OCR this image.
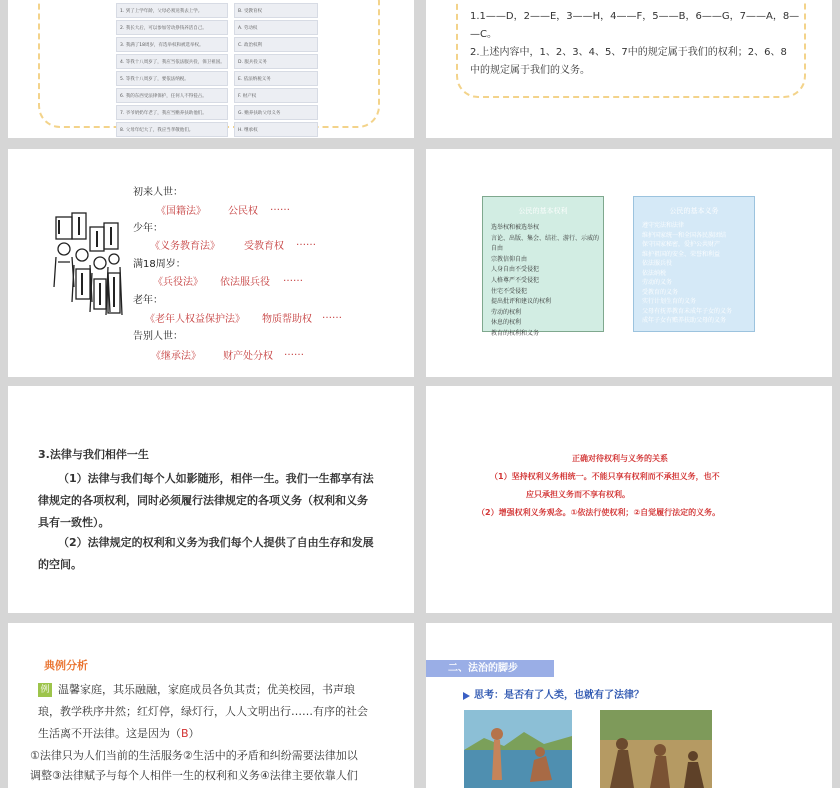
1. 到了上学年龄，父母必须送我去上学。	B. 受教育权
2. 我长大后，可以参加劳动挣钱养活自己。	A. 劳动权
3. 我满了18周岁，有选举权和被选举权。	C. 政治权利
4. 等我十八周岁了，我应当依法服兵役，保卫祖国。	D. 服兵役义务
5. 等我十八周岁了，要依法纳税。	E. 依法纳税义务
6. 我的东西受法律保护，任何人不得侵占。	F. 财产权
7. 爷爷奶奶年老了，我应当赡养扶助他们。	G. 赡养扶助父母义务
8. 父母年纪大了，我应当孝敬他们。	H. 继承权
1.1——D，2——E，3——H，4——F，5——B，6——G，7——A，8—
—C。
2.上述内容中，1、2、3、4、5、7中的规定属于我们的权利；2、6、8
中的规定属于我们的义务。
初来人世：
《国籍法》 公民权 ……
少年：
《义务教育法》 受教育权 ……
满18周岁：
《兵役法》 依法服兵役 ……
老年：
《老年人权益保护法》 物质帮助权 ……
告别人世：
《继承法》 财产处分权 ……
公民的基本权利
选举权和被选举权
言论、出版、集会、结社、游行、示威的自由
宗教信仰自由
人身自由不受侵犯
人格尊严不受侵犯
住宅不受侵犯
提出批评和建议的权利
劳动的权利
休息的权利
教育的权利和义务
公民的基本义务
遵守宪法和法律
维护国家统一和全国各民族团结
保守国家秘密，爱护公共财产
维护祖国的安全、荣誉和利益
依法服兵役
依法纳税
劳动的义务
受教育的义务
实行计划生育的义务
父母有抚养教育未成年子女的义务
成年子女有赡养扶助父母的义务
3.法律与我们相伴一生
（1）法律与我们每个人如影随形，相伴一生。我们一生都享有法
律规定的各项权利，同时必须履行法律规定的各项义务（权利和义务
具有一致性）。
（2）法律规定的权利和义务为我们每个人提供了自由生存和发展
的空间。
正确对待权利与义务的关系
（1）坚持权利义务相统一。不能只享有权利而不承担义务，也不
应只承担义务而不享有权利。
（2）增强权利义务观念。①依法行使权利；②自觉履行法定的义务。
典例分析
例 温馨家庭，其乐融融，家庭成员各负其责；优美校园，书声琅
琅，教学秩序井然；红灯停，绿灯行，人人文明出行……有序的社会
生活离不开法律。这是因为（B）
①法律只为人们当前的生活服务②生活中的矛盾和纠纷需要法律加以
调整③法律赋予与每个人相伴一生的权利和义务④法律主要依靠人们
二、法治的脚步
思考：是否有了人类，也就有了法律？
